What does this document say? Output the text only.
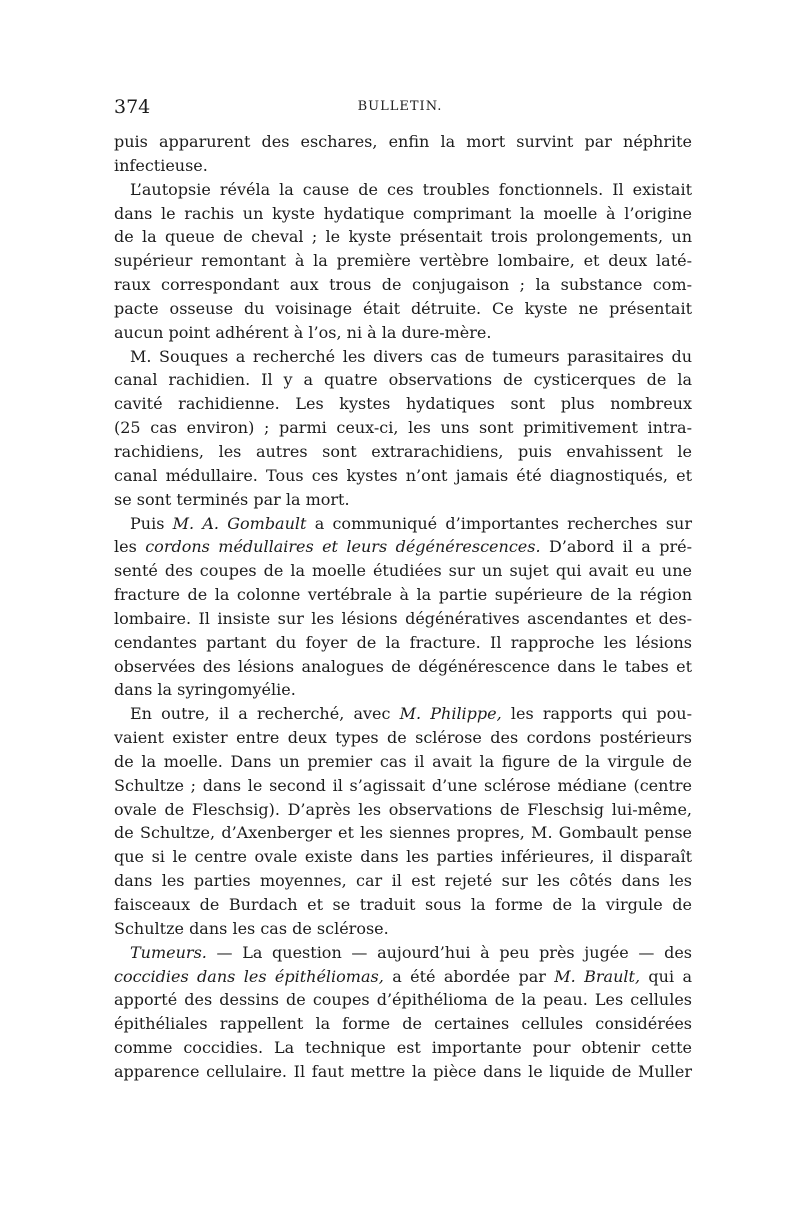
374	BULLETIN.
puis apparurent des eschares, enfin la mort survint par néphrite
infectieuse.
L’autopsie révéla la cause de ces troubles fonctionnels. Il existait
dans le rachis un kyste hydatique comprimant la moelle à l’origine
de la queue de cheval ; le kyste présentait trois prolongements, un
supérieur remontant à la première vertèbre lombaire, et deux laté-
raux correspondant aux trous de conjugaison ; la substance com-
pacte osseuse du voisinage était détruite. Ce kyste ne présentait
aucun point adhérent à l’os, ni à la dure-mère.
M. Souques a recherché les divers cas de tumeurs parasitaires du
canal rachidien. Il y a quatre observations de cysticerques de la
cavité rachidienne. Les kystes hydatiques sont plus nombreux
(25 cas environ) ; parmi ceux-ci, les uns sont primitivement intra-
rachidiens, les autres sont extrarachidiens, puis envahissent le
canal médullaire. Tous ces kystes n’ont jamais été diagnostiqués, et
se sont terminés par la mort.
Puis M. A. Gombault a communiqué d’importantes recherches sur
les cordons médullaires et leurs dégénérescences. D’abord il a pré-
senté des coupes de la moelle étudiées sur un sujet qui avait eu une
fracture de la colonne vertébrale à la partie supérieure de la région
lombaire. Il insiste sur les lésions dégénératives ascendantes et des-
cendantes partant du foyer de la fracture. Il rapproche les lésions
observées des lésions analogues de dégénérescence dans le tabes et
dans la syringomyélie.
En outre, il a recherché, avec M. Philippe, les rapports qui pou-
vaient exister entre deux types de sclérose des cordons postérieurs
de la moelle. Dans un premier cas il avait la figure de la virgule de
Schultze ; dans le second il s’agissait d’une sclérose médiane (centre
ovale de Fleschsig). D’après les observations de Fleschsig lui-même,
de Schultze, d’Axenberger et les siennes propres, M. Gombault pense
que si le centre ovale existe dans les parties inférieures, il disparaît
dans les parties moyennes, car il est rejeté sur les côtés dans les
faisceaux de Burdach et se traduit sous la forme de la virgule de
Schultze dans les cas de sclérose.
Tumeurs. — La question — aujourd’hui à peu près jugée — des
coccidies dans les épithéliomas, a été abordée par M. Brault, qui a
apporté des dessins de coupes d’épithélioma de la peau. Les cellules
épithéliales rappellent la forme de certaines cellules considérées
comme coccidies. La technique est importante pour obtenir cette
apparence cellulaire. Il faut mettre la pièce dans le liquide de Muller
